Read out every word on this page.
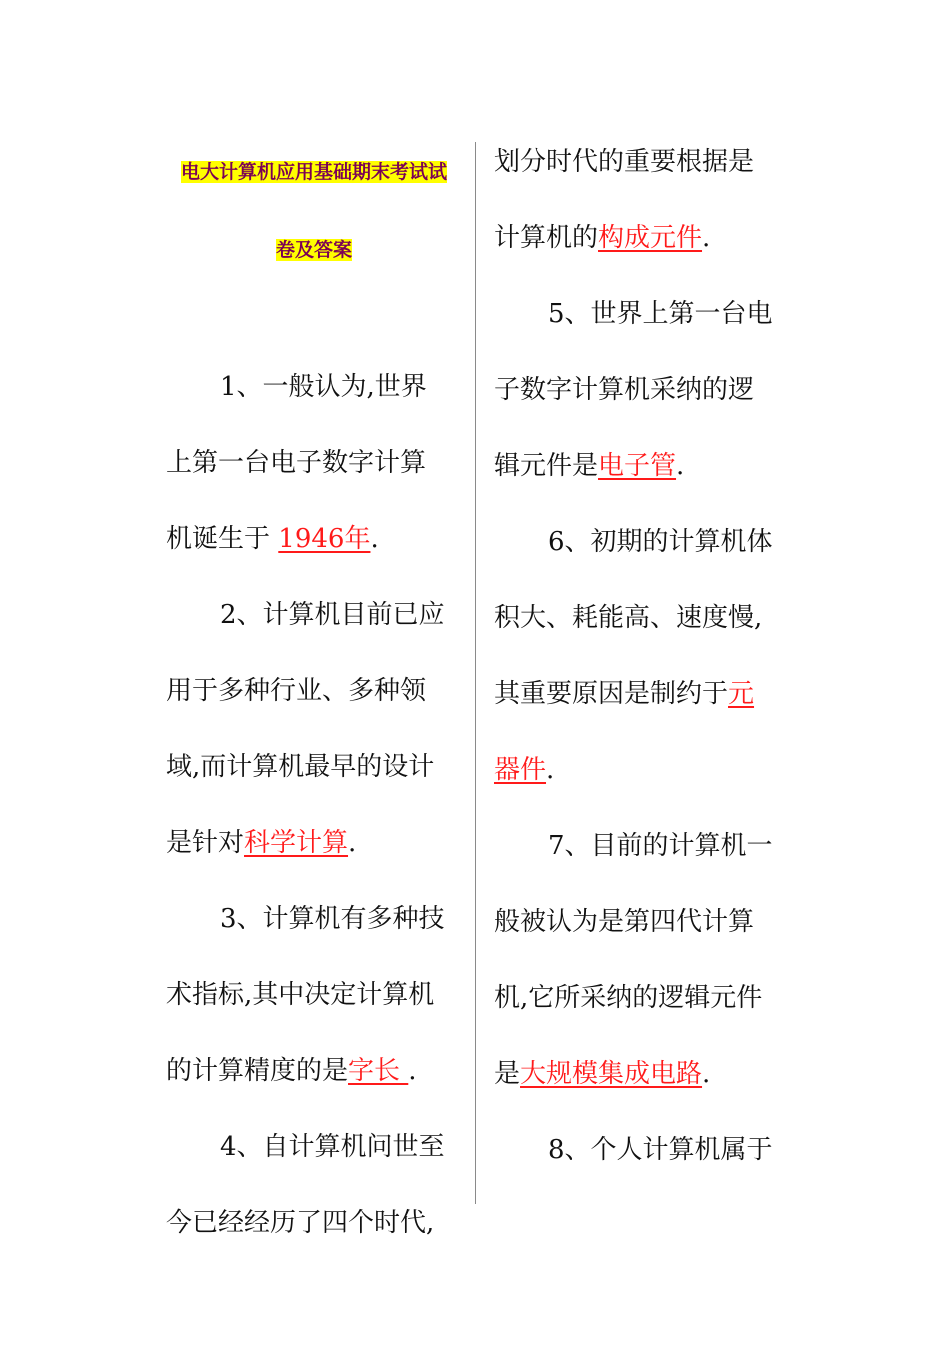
电大计算机应用基础期末考试试
卷及答案
1、一般认为,世界
上第一台电子数字计算
机诞生于 1946年.
2、计算机目前已应
用于多种行业、多种领
域,而计算机最早的设计
是针对科学计算.
3、计算机有多种技
术指标,其中决定计算机
的计算精度的是字长 .
4、自计算机问世至
今已经经历了四个时代,
划分时代的重要根据是
计算机的构成元件.
5、世界上第一台电
子数字计算机采纳的逻
辑元件是电子管.
6、初期的计算机体
积大、耗能高、速度慢,
其重要原因是制约于元
器件.
7、目前的计算机一
般被认为是第四代计算
机,它所采纳的逻辑元件
是大规模集成电路.
8、个人计算机属于
